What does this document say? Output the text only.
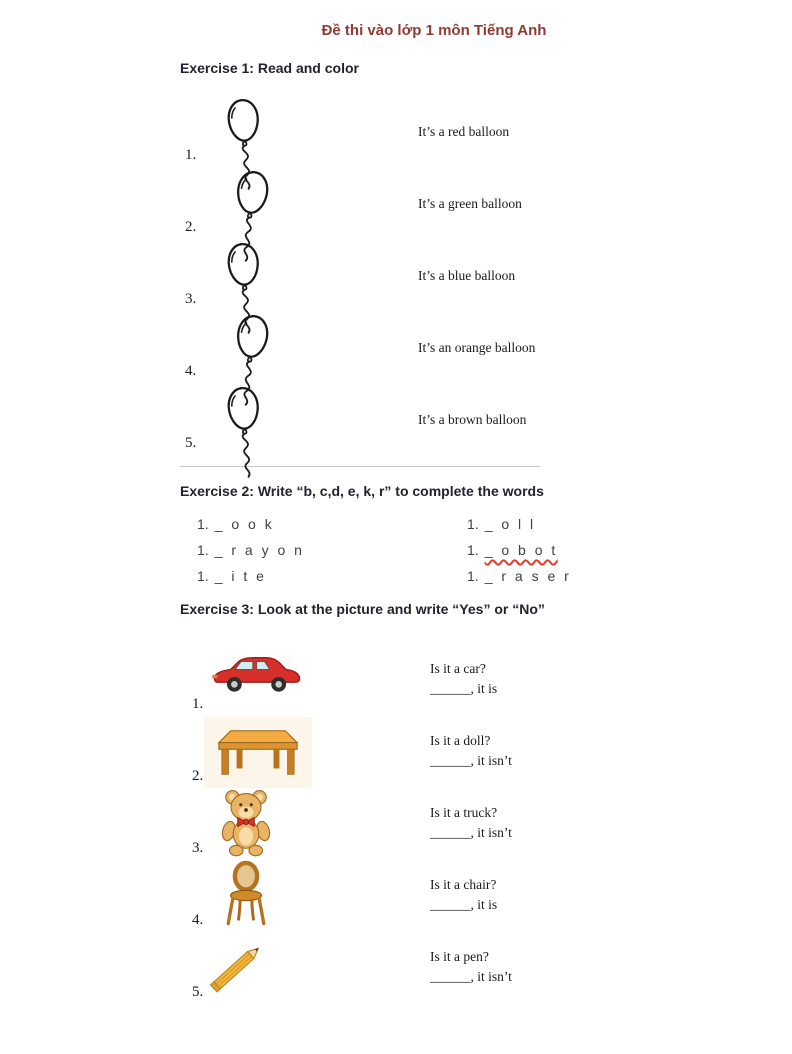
Đề thi vào lớp 1 môn Tiếng Anh
Exercise 1: Read and color
1.
It’s a red balloon
2.
It’s a green balloon
3.
It’s a blue balloon
4.
It’s an orange balloon
5.
It’s a brown balloon
Exercise 2: Write “b, c,d, e, k, r” to complete the words
1. _ o o k
1. _ r a y o n
1. _ i t e
1. _ o l l
1. _ o b o t
1. _ r a s e r
Exercise 3: Look at the picture and write “Yes” or “No”
1.
Is it a car?
______, it is
2.
Is it a doll?
______, it isn’t
3.
Is it a truck?
______, it isn’t
4.
Is it a chair?
______, it is
5.
Is it a pen?
______, it isn’t
